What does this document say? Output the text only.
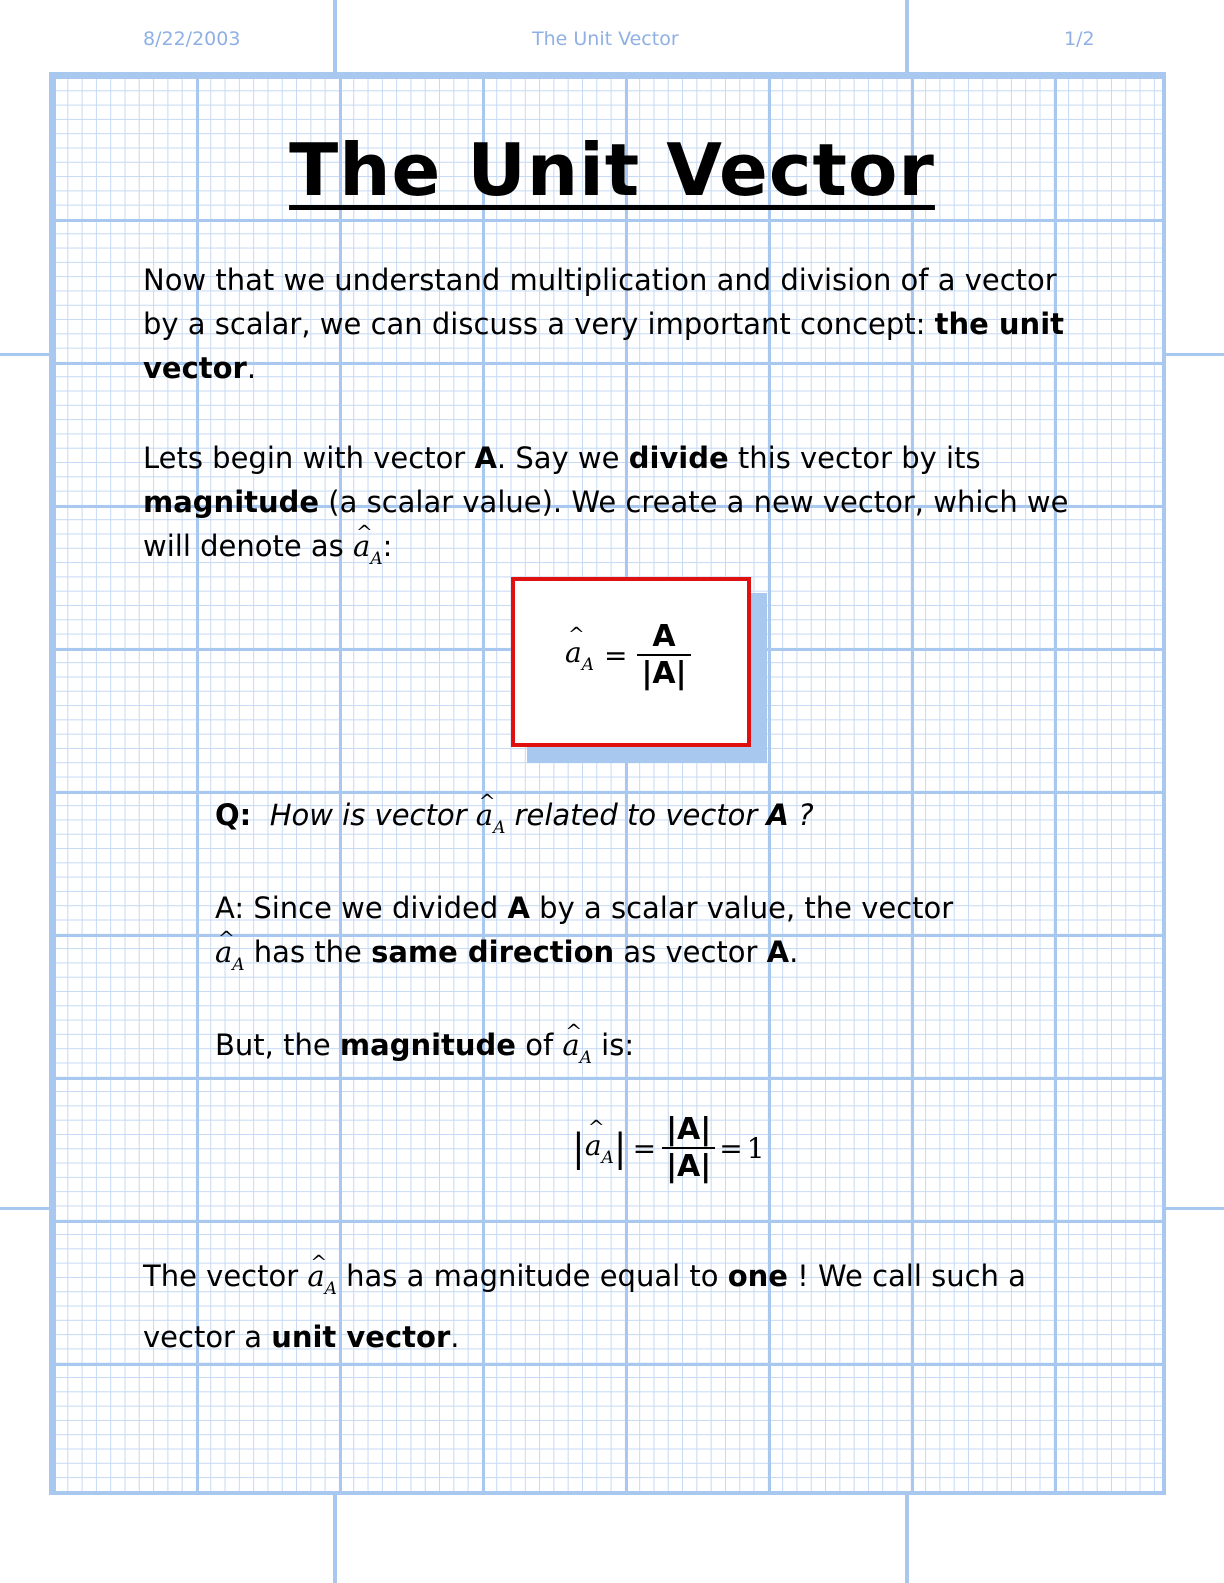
8/22/2003	The Unit Vector	1/2
The Unit Vector
Now that we understand multiplication and division of a vector by a scalar, we can discuss a very important concept: the unit vector.
Lets begin with vector A. Say we divide this vector by its magnitude (a scalar value). We create a new vector, which we will denote as ^ $a_A$:
^ $a_A = \frac{A}{|A|}$
Q: How is vector ^ $a_A$ related to vector A ?
A: Since we divided A by a scalar value, the vector
^ $a_A$ has the same direction as vector A.
But, the magnitude of ^ $a_A$ is:
|
^ $a_A$ | = $\frac{|A|}{|A|} = 1$
The vector ^ $a_A$ has a magnitude equal to one ! We call such a vector a unit vector.
